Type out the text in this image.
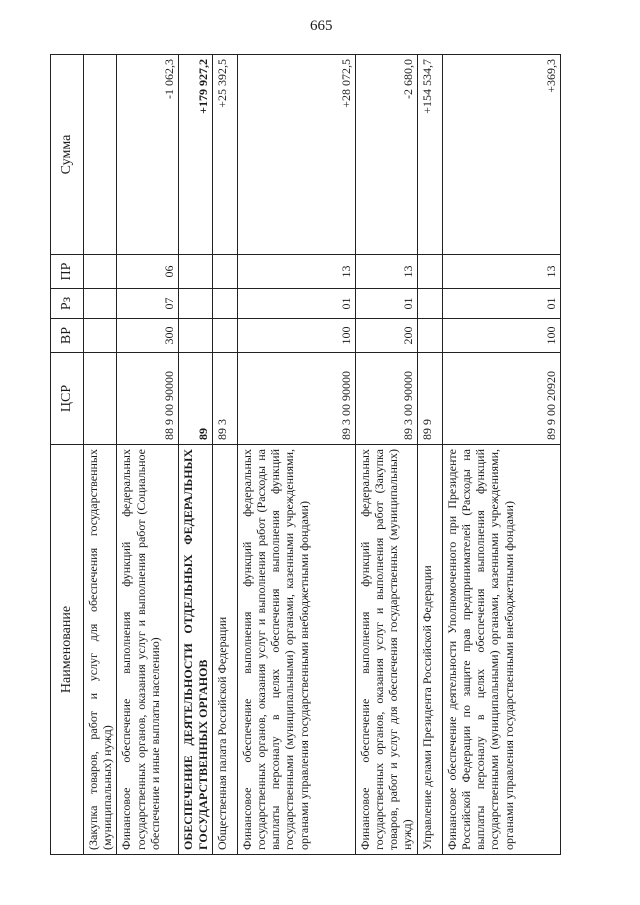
665
Наименование	ЦСР	ВР	Рз	ПР	Сумма
(Закупка товаров, работ и услуг для обеспечения государственных (муниципальных) нужд)					
Финансовое обеспечение выполнения функций федеральных государственных органов, оказания услуг и выполнения работ (Социальное обеспечение и иные выплаты населению)	88 9 00 90000	300	07	06	-1 062,3
ОБЕСПЕЧЕНИЕ ДЕЯТЕЛЬНОСТИ ОТДЕЛЬНЫХ ФЕДЕРАЛЬНЫХ ГОСУДАРСТВЕННЫХ ОРГАНОВ	89				+179 927,2
Общественная палата Российской Федерации	89 3				+25 392,5
Финансовое обеспечение выполнения функций федеральных государственных органов, оказания услуг и выполнения работ (Расходы на выплаты персоналу в целях обеспечения выполнения функций государственными (муниципальными) органами, казенными учреждениями, органами управления государственными внебюджетными фондами)	89 3 00 90000	100	01	13	+28 072,5
Финансовое обеспечение выполнения функций федеральных государственных органов, оказания услуг и выполнения работ (Закупка товаров, работ и услуг для обеспечения государственных (муниципальных) нужд)	89 3 00 90000	200	01	13	-2 680,0
Управление делами Президента Российской Федерации	89 9				+154 534,7
Финансовое обеспечение деятельности Уполномоченного при Президенте Российской Федерации по защите прав предпринимателей (Расходы на выплаты персоналу в целях обеспечения выполнения функций государственными (муниципальными) органами, казенными учреждениями, органами управления государственными внебюджетными фондами)	89 9 00 20920	100	01	13	+369,3
